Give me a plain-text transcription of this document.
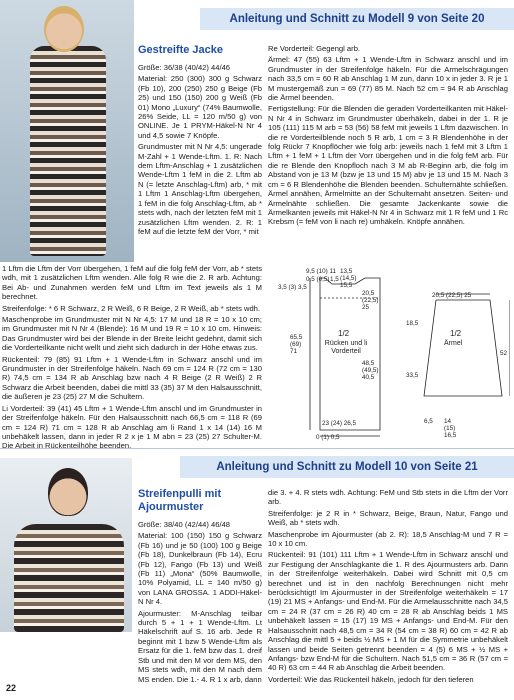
Anleitung und Schnitt zu Modell 9 von Seite 20
Gestreifte Jacke

Größe: 36/38 (40/42) 44/46

Material: 250 (300) 300 g Schwarz (Fb 10), 200 (250) 250 g Beige (Fb 25) und 150 (150) 200 g Weiß (Fb 01) Mono „Luxury“ (74% Baumwolle, 26% Seide, LL = 120 m/50 g) von ONLINE. Je 1 PRYM-Häkel-N Nr 4 und 4,5 sowie 7 Knöpfe.

Grundmuster mit N Nr 4,5: ungerade M-Zahl + 1 Wende-Lftm. 1. R: Nach dem Lftm-Anschlag + 1 zusätzlichen Wende-Lftm 1 feM in die 2. Lftm ab N (= letzte Anschlag-Lftm) arb, * mit 1 Lftm 1 Anschlag-Lftm übergehen, 1 feM in die folg Anschlag-Lftm, ab * stets wdh, nach der letzten feM mit 1 zusätzlichen Lftm wenden. 2. R: 1 feM auf die letzte feM der Vorr, * mit

1 Lftm die Lftm der Vorr übergehen, 1 feM auf die folg feM der Vorr, ab * stets wdh, mit 1 zusätzlichen Lftm wenden. Alle folg R wie die 2. R arb. Achtung: Bei Ab- und Zunahmen werden feM und Lftm im Text jeweils als 1 M berechnet.

Streifenfolge: * 6 R Schwarz, 2 R Weiß, 6 R Beige, 2 R Weiß, ab * stets wdh.

Maschenprobe im Grundmuster mit N Nr 4,5: 17 M und 18 R = 10 x 10 cm; im Grundmuster mit N Nr 4 (Blende): 16 M und 19 R = 10 x 10 cm. Hinweis: Das Grundmuster wird bei der Blende in der Breite leicht gedehnt, damit sich die Vorderteilkante nicht wellt und zieht sich dadurch in der Höhe etwas zus.

Rückenteil: 79 (85) 91 Lftm + 1 Wende-Lftm in Schwarz anschl und im Grundmuster in der Streifenfolge häkeln. Nach 69 cm = 124 R (72 cm = 130 R) 74,5 cm = 134 R ab Anschlag bzw nach 4 R Beige (2 R Weiß) 2 R Schwarz die Arbeit beenden, dabei die mittl 33 (35) 37 M den Halsausschnitt, die äußeren je 23 (25) 27 M die Schultern.

Li Vorderteil: 39 (41) 45 Lftm + 1 Wende-Lftm anschl und im Grundmuster in der Streifenfolge häkeln. Für den Halsausschnitt nach 66,5 cm = 118 R (69 cm = 124 R) 71 cm = 128 R ab Anschlag am li Rand 1 x 14 (14) 16 M unbehäkelt lassen, dann in jeder R 2 x je 1 M abn = 23 (25) 27 Schulter-M. Die Arbeit in Rückenteilhöhe beenden.

Re Vorderteil: Gegengl arb.

Ärmel: 47 (55) 63 Lftm + 1 Wende-Lftm in Schwarz anschl und im Grundmuster in der Streifenfolge häkeln. Für die Armelschrägungen nach 33,5 cm = 60 R ab Anschlag 1 M zun, dann 10 x in jeder 3. R je 1 M mustergemäß zun = 69 (77) 85 M. Nach 52 cm = 94 R ab Anschlag die Ärmel beenden.

Fertigstellung: Für die Blenden die geraden Vorderteilkanten mit Häkel-N Nr 4 in Schwarz im Grundmuster überhäkeln, dabei in der 1. R je 105 (111) 115 M arb = 53 (56) 58 feM mit jeweils 1 Lftm dazwischen. In die re Vorderteilblende noch 5 R arb, 1 cm = 3 R Blendenhöhe in der folg Rückr 7 Knopflöcher wie folg arb: jeweils nach 1 feM mit 3 Lftm 1 Lftm + 1 feM + 1 Lftm der Vorr übergehen und in die folg feM arb. Für die re Blende den Knopfloch nach 3 M ab R-Beginn arb, die folg im Abstand von je 13 M (bzw je 13 und 15 M) abv je 13 und 15 M. Nach 3 cm = 6 R Blendenhöhe die Blenden beenden. Schulternähte schließen. Ärmel annähen, Ärmelmitte an der Schulternaht ansetzen. Seiten- und Ärmelnähte schließen. Die gesamte Jackenkante sowie die Ärmelkanten jeweils mit Häkel-N Nr 4 in Schwarz mit 1 R feM und 1 Rc Krebsm (= feM von li nach re) umhäkeln. Knöpfe annähen.

9,5 (10) 11
0,5 (0,5) 1,5
13,5 (14,5) 15,5
3,5 (3) 3,5
20,5 (22,5) 25
65,5 (69) 71
1/2
Rücken und li Vorderteil
48,5 (49,5) 40,5
23 (24) 26,5
0 (1) 0,5
20,5 (22,5) 25
18,5
1/2
Ärmel
52
33,5
6,5 14 (15) 16,5
Anleitung und Schnitt zu Modell 10 von Seite 21
Streifenpulli mit
Ajourmuster

Größe: 38/40 (42/44) 46/48

Material: 100 (150) 150 g Schwarz (Fb 16) und je 50 (100) 100 g Beige (Fb 18), Dunkelbraun (Fb 14), Ecru (Fb 12), Fango (Fb 13) und Weiß (Fb 11) „Mona“ (50% Baumwolle, 10% Polyamid, LL = 140 m/50 g) von LANA GROSSA. 1 ADDI-Häkel-N Nr 4.

Ajourmuster: M-Anschlag teilbar durch 5 + 1 + 1 Wende-Lftm. Lt Häkelschrift auf S. 16 arb. Jede R beginnt mit 1 bzw 5 Wende-Lftm als Ersatz für die 1. feM bzw das 1. dreif Stb und mit den M vor dem MS, den MS stets wdh, mit den M nach dem MS enden. Die 1.- 4. R 1 x arb, dann

die 3. + 4. R stets wdh. Achtung: FeM und Stb stets in die Lftm der Vorr arb.

Streifenfolge: je 2 R in * Schwarz, Beige, Braun, Natur, Fango und Weiß, ab * stets wdh.

Maschenprobe im Ajourmuster (ab 2. R): 18,5 Anschlag-M und 7 R = 10 x 10 cm.

Rückenteil: 91 (101) 111 Lftm + 1 Wende-Lftm in Schwarz anschl und zur Festigung der Anschlagkante die 1. R des Ajourmusters arb. Dann in der Streifenfolge weiterhäkeln. Dabei wird Schnitt mit 0,5 cm berechnet und ist in den nachfolg Berechnungen nicht mehr berücksichtigt! Im Ajourmuster in der Streifenfolge weiterhäkeln = 17 (19) 21 MS + Anfangs- und End-M. Für die Armelausschnitte nach 34,5 cm = 24 R (37 cm = 26 R) 40 cm = 28 R ab Anschlag beids 1 MS unbehäkelt lassen = 15 (17) 19 MS + Anfangs- und End-M. Für den Halsausschnitt nach 48,5 cm = 34 R (54 cm = 38 R) 60 cm = 42 R ab Anschlag die mittl 5 + beids ½ MS + 1 M für die Symmetrie unbehäkelt lassen und beide Seiten getrennt beenden = 4 (5) 6 MS + ½ MS + Anfangs- bzw End-M für die Schultern. Nach 51,5 cm = 36 R (57 cm = 40 R) 63 cm = 44 R ab Anschlag die Arbeit beenden.

Vorderteil: Wie das Rückenteil häkeln, jedoch für den tieferen

22
